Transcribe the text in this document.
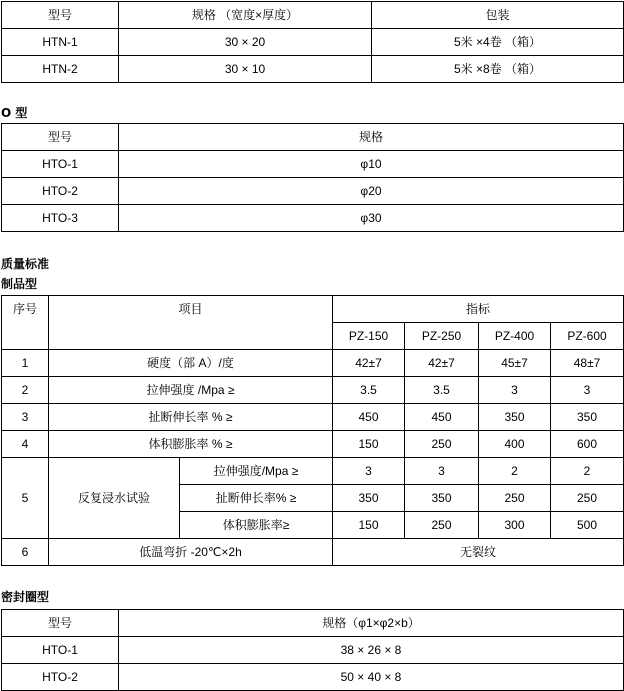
型号	规格 （宽度×厚度）	包装
HTN-1	30 × 20	5米 ×4卷 （箱）
HTN-2	30 × 10	5米 ×8卷 （箱）
O 型
型号	规格
HTO-1	φ10
HTO-2	φ20
HTO-3	φ30
质量标准
制品型
序号	项目		指标			
			PZ-150	PZ-250	PZ-400	PZ-600
1	硬度（部 A）/度		42±7	42±7	45±7	48±7
2	拉伸强度 /Mpa ≥		3.5	3.5	3	3
3	扯断伸长率 % ≥		450	450	350	350
4	体积膨胀率 % ≥		150	250	400	600
5	反复浸水试验	拉伸强度/Mpa ≥	3	3	2	2
		扯断伸长率% ≥	350	350	250	250
		体积膨胀率≥	150	250	300	500
6	低温弯折 -20℃×2h		无裂纹			
密封圈型
型号	规格（φ1×φ2×b）
HTO-1	38 × 26 × 8
HTO-2	50 × 40 × 8
